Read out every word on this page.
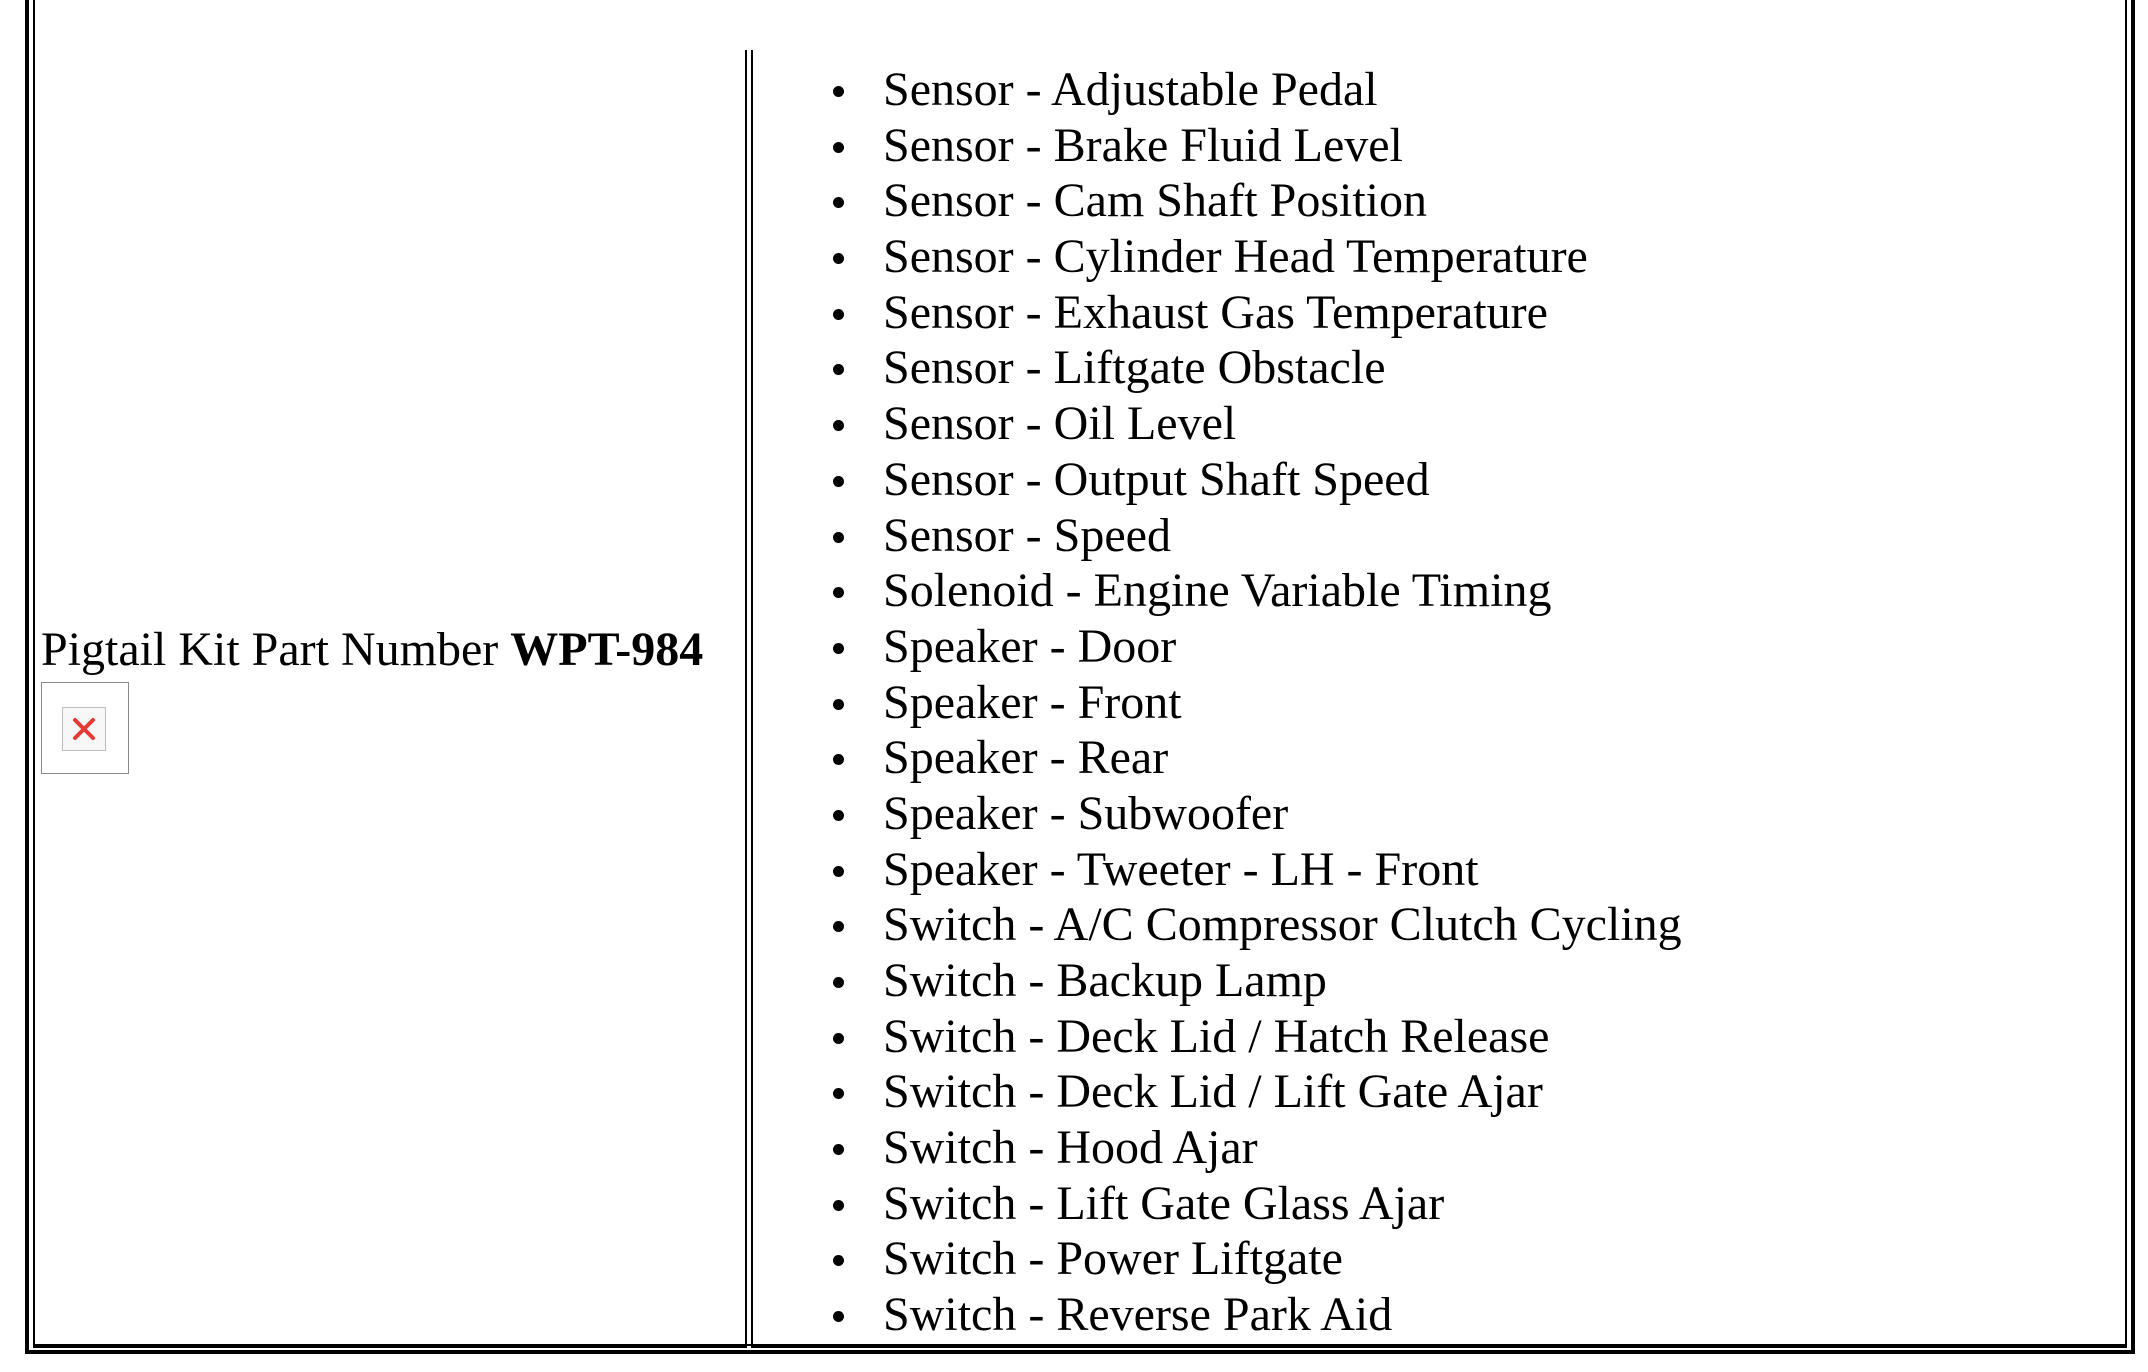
Pigtail Kit Part Number WPT-984
Sensor - Adjustable Pedal
Sensor - Brake Fluid Level
Sensor - Cam Shaft Position
Sensor - Cylinder Head Temperature
Sensor - Exhaust Gas Temperature
Sensor - Liftgate Obstacle
Sensor - Oil Level
Sensor - Output Shaft Speed
Sensor - Speed
Solenoid - Engine Variable Timing
Speaker - Door
Speaker - Front
Speaker - Rear
Speaker - Subwoofer
Speaker - Tweeter - LH - Front
Switch - A/C Compressor Clutch Cycling
Switch - Backup Lamp
Switch - Deck Lid / Hatch Release
Switch - Deck Lid / Lift Gate Ajar
Switch - Hood Ajar
Switch - Lift Gate Glass Ajar
Switch - Power Liftgate
Switch - Reverse Park Aid
